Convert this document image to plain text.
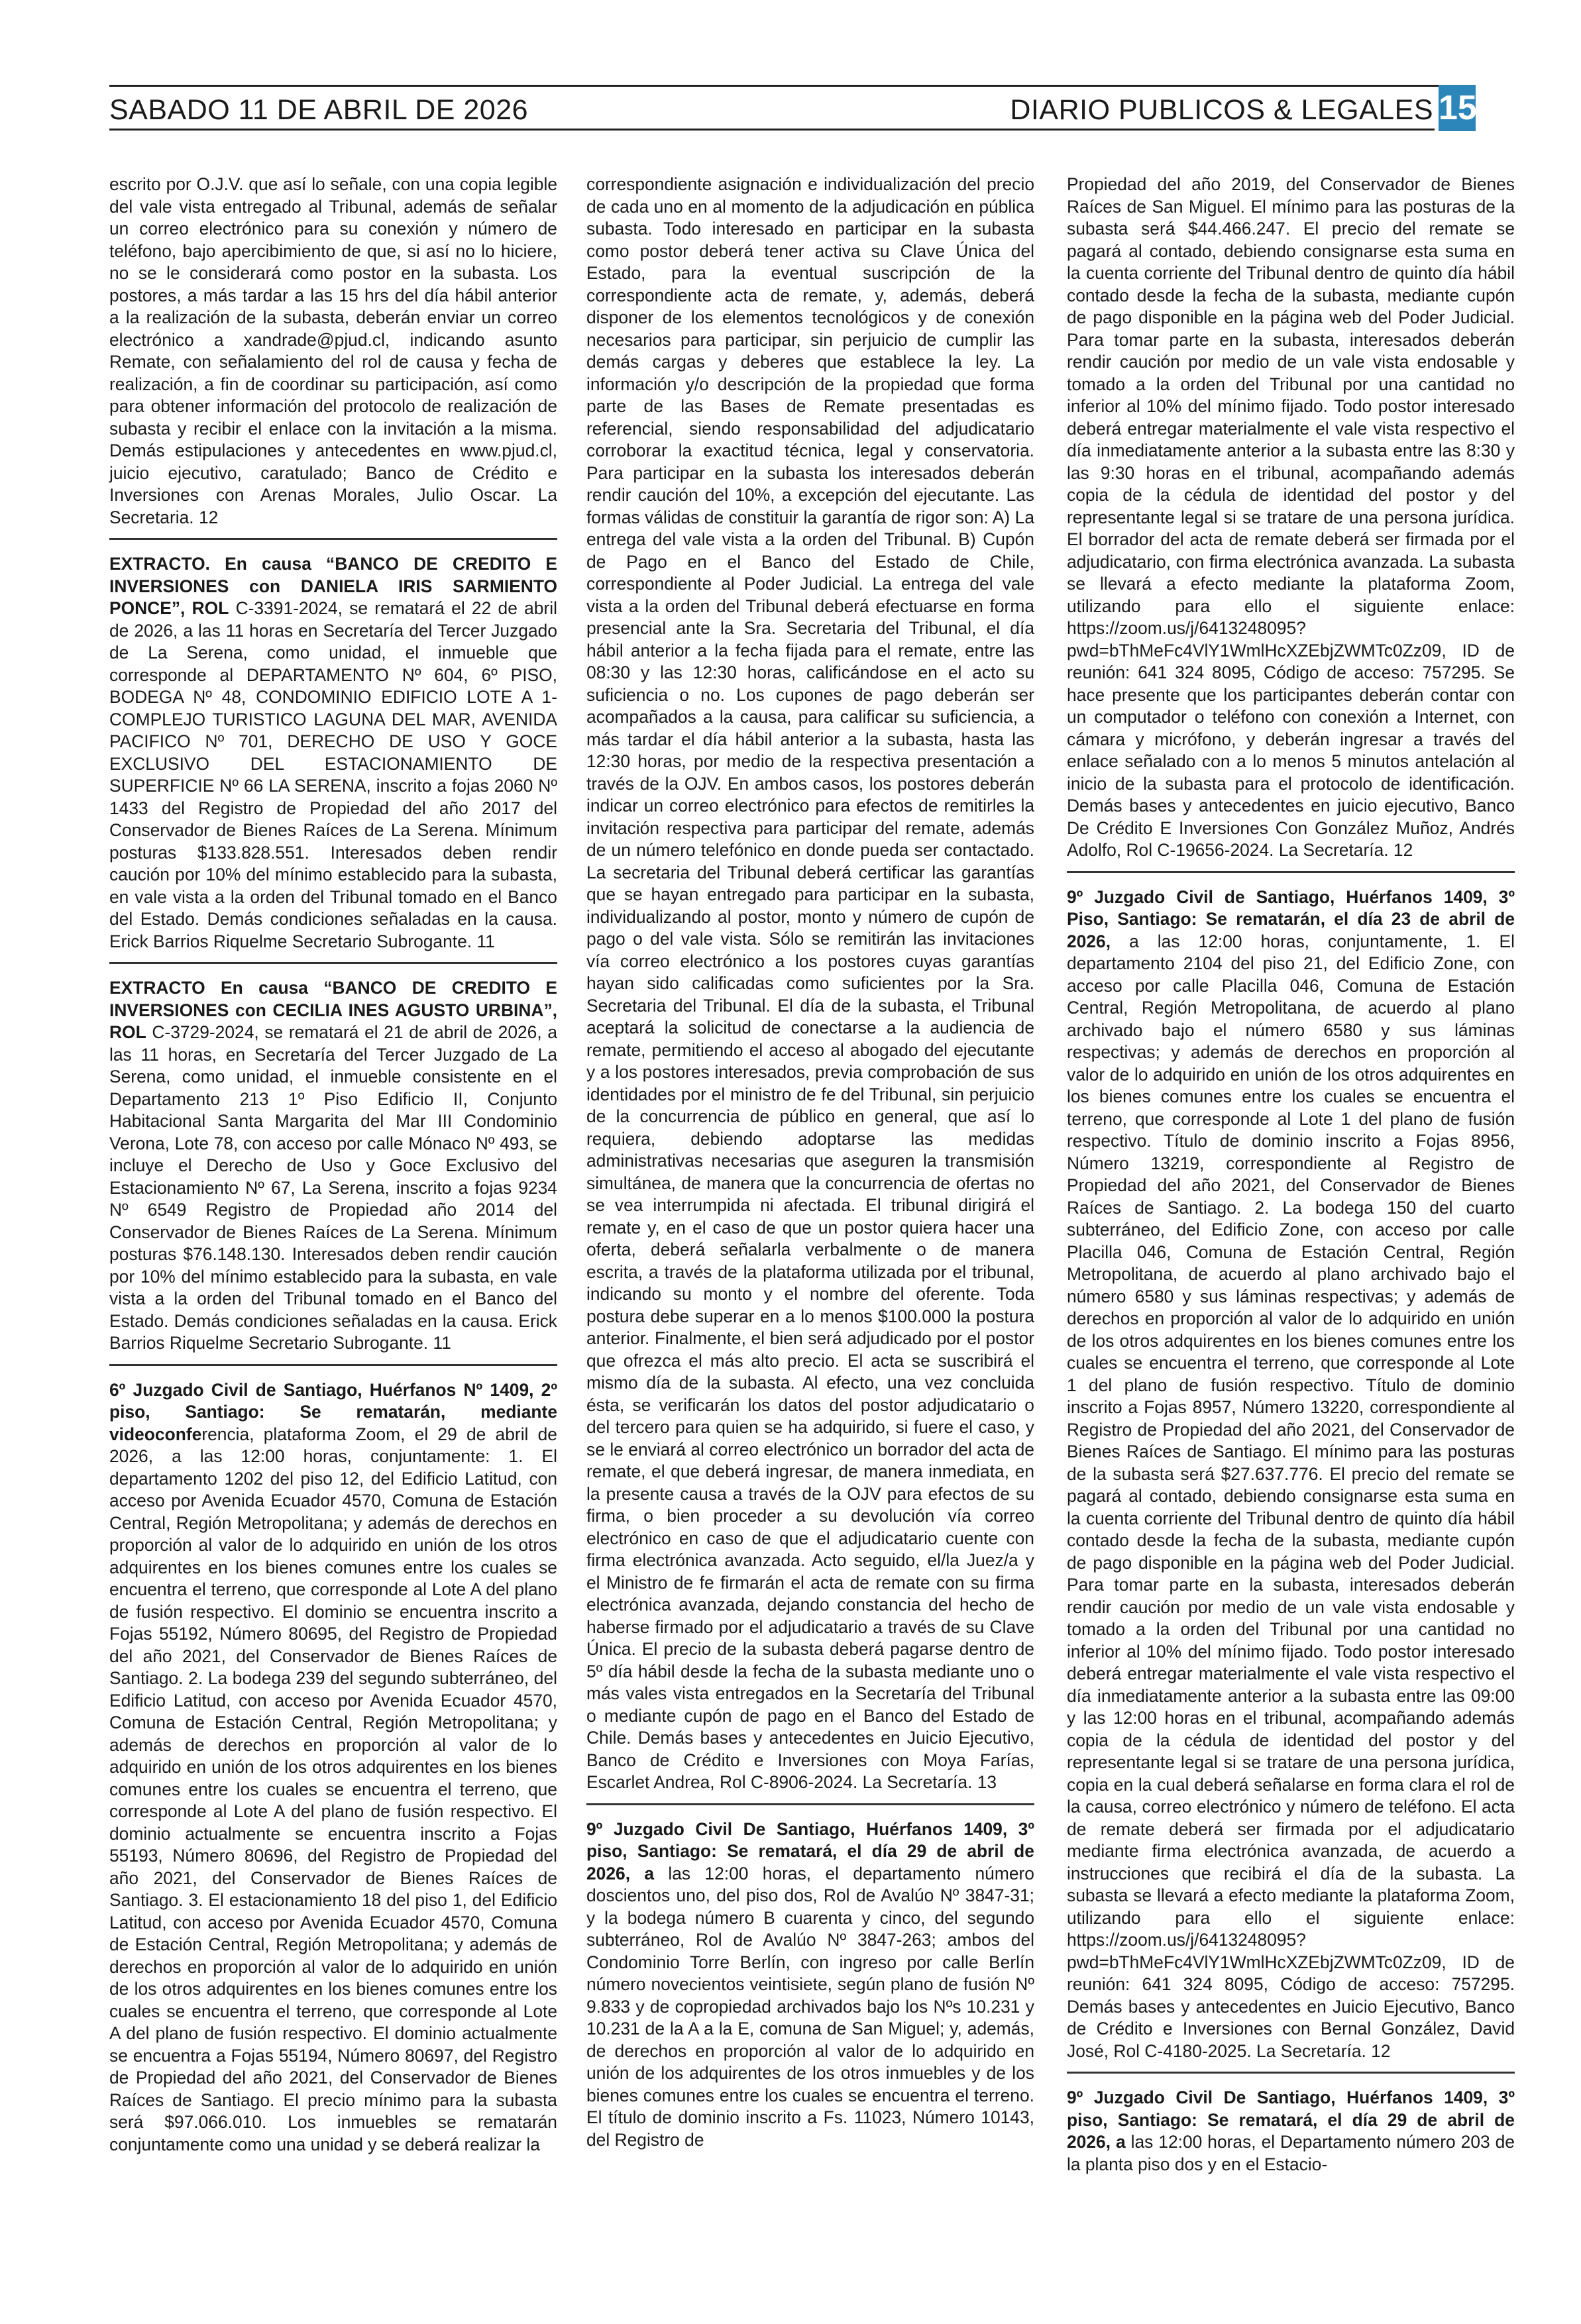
SABADO 11 DE ABRIL DE 2026	DIARIO PUBLICOS & LEGALES 15

escrito por O.J.V. que así lo señale, con una copia legible del vale vista entregado al Tribunal, además de señalar un correo electrónico para su conexión y número de teléfono, bajo apercibimiento de que, si así no lo hiciere, no se le considerará como postor en la subasta. Los postores, a más tardar a las 15 hrs del día hábil anterior a la realización de la subasta, deberán enviar un correo electrónico a xandrade@pjud.cl, indicando asunto Remate, con señalamiento del rol de causa y fecha de realización, a fin de coordinar su participación, así como para obtener información del protocolo de realización de subasta y recibir el enlace con la invitación a la misma. Demás estipulaciones y antecedentes en www.pjud.cl, juicio ejecutivo, caratulado; Banco de Crédito e Inversiones con Arenas Morales, Julio Oscar. La Secretaria. 12

EXTRACTO. En causa “BANCO DE CREDITO E INVERSIONES con DANIELA IRIS SARMIENTO PONCE”, ROL C-3391-2024, se rematará el 22 de abril de 2026, a las 11 horas en Secretaría del Tercer Juzgado de La Serena, como unidad, el inmueble que corresponde al DEPARTAMENTO Nº 604, 6º PISO, BODEGA Nº 48, CONDOMINIO EDIFICIO LOTE A 1-COMPLEJO TURISTICO LAGUNA DEL MAR, AVENIDA PACIFICO Nº 701, DERECHO DE USO Y GOCE EXCLUSIVO DEL ESTACIONAMIENTO DE SUPERFICIE Nº 66 LA SERENA, inscrito a fojas 2060 Nº 1433 del Registro de Propiedad del año 2017 del Conservador de Bienes Raíces de La Serena. Mínimum posturas $133.828.551. Interesados deben rendir caución por 10% del mínimo establecido para la subasta, en vale vista a la orden del Tribunal tomado en el Banco del Estado. Demás condiciones señaladas en la causa. Erick Barrios Riquelme Secretario Subrogante. 11

EXTRACTO En causa “BANCO DE CREDITO E INVERSIONES con CECILIA INES AGUSTO URBINA”, ROL C-3729-2024, se rematará el 21 de abril de 2026, a las 11 horas, en Secretaría del Tercer Juzgado de La Serena, como unidad, el inmueble consistente en el Departamento 213 1º Piso Edificio II, Conjunto Habitacional Santa Margarita del Mar III Condominio Verona, Lote 78, con acceso por calle Mónaco Nº 493, se incluye el Derecho de Uso y Goce Exclusivo del Estacionamiento Nº 67, La Serena, inscrito a fojas 9234 Nº 6549 Registro de Propiedad año 2014 del Conservador de Bienes Raíces de La Serena. Mínimum posturas $76.148.130. Interesados deben rendir caución por 10% del mínimo establecido para la subasta, en vale vista a la orden del Tribunal tomado en el Banco del Estado. Demás condiciones señaladas en la causa. Erick Barrios Riquelme Secretario Subrogante. 11

6º Juzgado Civil de Santiago, Huérfanos Nº 1409, 2º piso, Santiago: Se rematarán, mediante videoconferencia, plataforma Zoom, el 29 de abril de 2026, a las 12:00 horas, conjuntamente: 1. El departamento 1202 del piso 12, del Edificio Latitud, con acceso por Avenida Ecuador 4570, Comuna de Estación Central, Región Metropolitana; y además de derechos en proporción al valor de lo adquirido en unión de los otros adquirentes en los bienes comunes entre los cuales se encuentra el terreno, que corresponde al Lote A del plano de fusión respectivo. El dominio se encuentra inscrito a Fojas 55192, Número 80695, del Registro de Propiedad del año 2021, del Conservador de Bienes Raíces de Santiago. 2. La bodega 239 del segundo subterráneo, del Edificio Latitud, con acceso por Avenida Ecuador 4570, Comuna de Estación Central, Región Metropolitana; y además de derechos en proporción al valor de lo adquirido en unión de los otros adquirentes en los bienes comunes entre los cuales se encuentra el terreno, que corresponde al Lote A del plano de fusión respectivo. El dominio actualmente se encuentra inscrito a Fojas 55193, Número 80696, del Registro de Propiedad del año 2021, del Conservador de Bienes Raíces de Santiago. 3. El estacionamiento 18 del piso 1, del Edificio Latitud, con acceso por Avenida Ecuador 4570, Comuna de Estación Central, Región Metropolitana; y además de derechos en proporción al valor de lo adquirido en unión de los otros adquirentes en los bienes comunes entre los cuales se encuentra el terreno, que corresponde al Lote A del plano de fusión respectivo. El dominio actualmente se encuentra a Fojas 55194, Número 80697, del Registro de Propiedad del año 2021, del Conservador de Bienes Raíces de Santiago. El precio mínimo para la subasta será $97.066.010. Los inmuebles se rematarán conjuntamente como una unidad y se deberá realizar la

correspondiente asignación e individualización del precio de cada uno en al momento de la adjudicación en pública subasta. Todo interesado en participar en la subasta como postor deberá tener activa su Clave Única del Estado, para la eventual suscripción de la correspondiente acta de remate, y, además, deberá disponer de los elementos tecnológicos y de conexión necesarios para participar, sin perjuicio de cumplir las demás cargas y deberes que establece la ley. La información y/o descripción de la propiedad que forma parte de las Bases de Remate presentadas es referencial, siendo responsabilidad del adjudicatario corroborar la exactitud técnica, legal y conservatoria. Para participar en la subasta los interesados deberán rendir caución del 10%, a excepción del ejecutante. Las formas válidas de constituir la garantía de rigor son: A) La entrega del vale vista a la orden del Tribunal. B) Cupón de Pago en el Banco del Estado de Chile, correspondiente al Poder Judicial. La entrega del vale vista a la orden del Tribunal deberá efectuarse en forma presencial ante la Sra. Secretaria del Tribunal, el día hábil anterior a la fecha fijada para el remate, entre las 08:30 y las 12:30 horas, calificándose en el acto su suficiencia o no. Los cupones de pago deberán ser acompañados a la causa, para calificar su suficiencia, a más tardar el día hábil anterior a la subasta, hasta las 12:30 horas, por medio de la respectiva presentación a través de la OJV. En ambos casos, los postores deberán indicar un correo electrónico para efectos de remitirles la invitación respectiva para participar del remate, además de un número telefónico en donde pueda ser contactado. La secretaria del Tribunal deberá certificar las garantías que se hayan entregado para participar en la subasta, individualizando al postor, monto y número de cupón de pago o del vale vista. Sólo se remitirán las invitaciones vía correo electrónico a los postores cuyas garantías hayan sido calificadas como suficientes por la Sra. Secretaria del Tribunal. El día de la subasta, el Tribunal aceptará la solicitud de conectarse a la audiencia de remate, permitiendo el acceso al abogado del ejecutante y a los postores interesados, previa comprobación de sus identidades por el ministro de fe del Tribunal, sin perjuicio de la concurrencia de público en general, que así lo requiera, debiendo adoptarse las medidas administrativas necesarias que aseguren la transmisión simultánea, de manera que la concurrencia de ofertas no se vea interrumpida ni afectada. El tribunal dirigirá el remate y, en el caso de que un postor quiera hacer una oferta, deberá señalarla verbalmente o de manera escrita, a través de la plataforma utilizada por el tribunal, indicando su monto y el nombre del oferente. Toda postura debe superar en a lo menos $100.000 la postura anterior. Finalmente, el bien será adjudicado por el postor que ofrezca el más alto precio. El acta se suscribirá el mismo día de la subasta. Al efecto, una vez concluida ésta, se verificarán los datos del postor adjudicatario o del tercero para quien se ha adquirido, si fuere el caso, y se le enviará al correo electrónico un borrador del acta de remate, el que deberá ingresar, de manera inmediata, en la presente causa a través de la OJV para efectos de su firma, o bien proceder a su devolución vía correo electrónico en caso de que el adjudicatario cuente con firma electrónica avanzada. Acto seguido, el/la Juez/a y el Ministro de fe firmarán el acta de remate con su firma electrónica avanzada, dejando constancia del hecho de haberse firmado por el adjudicatario a través de su Clave Única. El precio de la subasta deberá pagarse dentro de 5º día hábil desde la fecha de la subasta mediante uno o más vales vista entregados en la Secretaría del Tribunal o mediante cupón de pago en el Banco del Estado de Chile. Demás bases y antecedentes en Juicio Ejecutivo, Banco de Crédito e Inversiones con Moya Farías, Escarlet Andrea, Rol C-8906-2024. La Secretaría. 13

9º Juzgado Civil De Santiago, Huérfanos 1409, 3º piso, Santiago: Se rematará, el día 29 de abril de 2026, a las 12:00 horas, el departamento número doscientos uno, del piso dos, Rol de Avalúo Nº 3847-31; y la bodega número B cuarenta y cinco, del segundo subterráneo, Rol de Avalúo Nº 3847-263; ambos del Condominio Torre Berlín, con ingreso por calle Berlín número novecientos veintisiete, según plano de fusión Nº 9.833 y de copropiedad archivados bajo los Nºs 10.231 y 10.231 de la A a la E, comuna de San Miguel; y, además, de derechos en proporción al valor de lo adquirido en unión de los adquirentes de los otros inmuebles y de los bienes comunes entre los cuales se encuentra el terreno. El título de dominio inscrito a Fs. 11023, Número 10143, del Registro de

Propiedad del año 2019, del Conservador de Bienes Raíces de San Miguel. El mínimo para las posturas de la subasta será $44.466.247. El precio del remate se pagará al contado, debiendo consignarse esta suma en la cuenta corriente del Tribunal dentro de quinto día hábil contado desde la fecha de la subasta, mediante cupón de pago disponible en la página web del Poder Judicial. Para tomar parte en la subasta, interesados deberán rendir caución por medio de un vale vista endosable y tomado a la orden del Tribunal por una cantidad no inferior al 10% del mínimo fijado. Todo postor interesado deberá entregar materialmente el vale vista respectivo el día inmediatamente anterior a la subasta entre las 8:30 y las 9:30 horas en el tribunal, acompañando además copia de la cédula de identidad del postor y del representante legal si se tratare de una persona jurídica. El borrador del acta de remate deberá ser firmada por el adjudicatario, con firma electrónica avanzada. La subasta se llevará a efecto mediante la plataforma Zoom, utilizando para ello el siguiente enlace: https://zoom.us/j/6413248095?pwd=bThMeFc4VlY1WmlHcXZEbjZWMTc0Zz09, ID de reunión: 641 324 8095, Código de acceso: 757295. Se hace presente que los participantes deberán contar con un computador o teléfono con conexión a Internet, con cámara y micrófono, y deberán ingresar a través del enlace señalado con a lo menos 5 minutos antelación al inicio de la subasta para el protocolo de identificación. Demás bases y antecedentes en juicio ejecutivo, Banco De Crédito E Inversiones Con González Muñoz, Andrés Adolfo, Rol C-19656-2024. La Secretaría. 12

9º Juzgado Civil de Santiago, Huérfanos 1409, 3º Piso, Santiago: Se rematarán, el día 23 de abril de 2026, a las 12:00 horas, conjuntamente, 1. El departamento 2104 del piso 21, del Edificio Zone, con acceso por calle Placilla 046, Comuna de Estación Central, Región Metropolitana, de acuerdo al plano archivado bajo el número 6580 y sus láminas respectivas; y además de derechos en proporción al valor de lo adquirido en unión de los otros adquirentes en los bienes comunes entre los cuales se encuentra el terreno, que corresponde al Lote 1 del plano de fusión respectivo. Título de dominio inscrito a Fojas 8956, Número 13219, correspondiente al Registro de Propiedad del año 2021, del Conservador de Bienes Raíces de Santiago. 2. La bodega 150 del cuarto subterráneo, del Edificio Zone, con acceso por calle Placilla 046, Comuna de Estación Central, Región Metropolitana, de acuerdo al plano archivado bajo el número 6580 y sus láminas respectivas; y además de derechos en proporción al valor de lo adquirido en unión de los otros adquirentes en los bienes comunes entre los cuales se encuentra el terreno, que corresponde al Lote 1 del plano de fusión respectivo. Título de dominio inscrito a Fojas 8957, Número 13220, correspondiente al Registro de Propiedad del año 2021, del Conservador de Bienes Raíces de Santiago. El mínimo para las posturas de la subasta será $27.637.776. El precio del remate se pagará al contado, debiendo consignarse esta suma en la cuenta corriente del Tribunal dentro de quinto día hábil contado desde la fecha de la subasta, mediante cupón de pago disponible en la página web del Poder Judicial. Para tomar parte en la subasta, interesados deberán rendir caución por medio de un vale vista endosable y tomado a la orden del Tribunal por una cantidad no inferior al 10% del mínimo fijado. Todo postor interesado deberá entregar materialmente el vale vista respectivo el día inmediatamente anterior a la subasta entre las 09:00 y las 12:00 horas en el tribunal, acompañando además copia de la cédula de identidad del postor y del representante legal si se tratare de una persona jurídica, copia en la cual deberá señalarse en forma clara el rol de la causa, correo electrónico y número de teléfono. El acta de remate deberá ser firmada por el adjudicatario mediante firma electrónica avanzada, de acuerdo a instrucciones que recibirá el día de la subasta. La subasta se llevará a efecto mediante la plataforma Zoom, utilizando para ello el siguiente enlace: https://zoom.us/j/6413248095?pwd=bThMeFc4VlY1WmlHcXZEbjZWMTc0Zz09, ID de reunión: 641 324 8095, Código de acceso: 757295. Demás bases y antecedentes en Juicio Ejecutivo, Banco de Crédito e Inversiones con Bernal González, David José, Rol C-4180-2025. La Secretaría. 12

9º Juzgado Civil De Santiago, Huérfanos 1409, 3º piso, Santiago: Se rematará, el día 29 de abril de 2026, a las 12:00 horas, el Departamento número 203 de la planta piso dos y en el Estacio-
